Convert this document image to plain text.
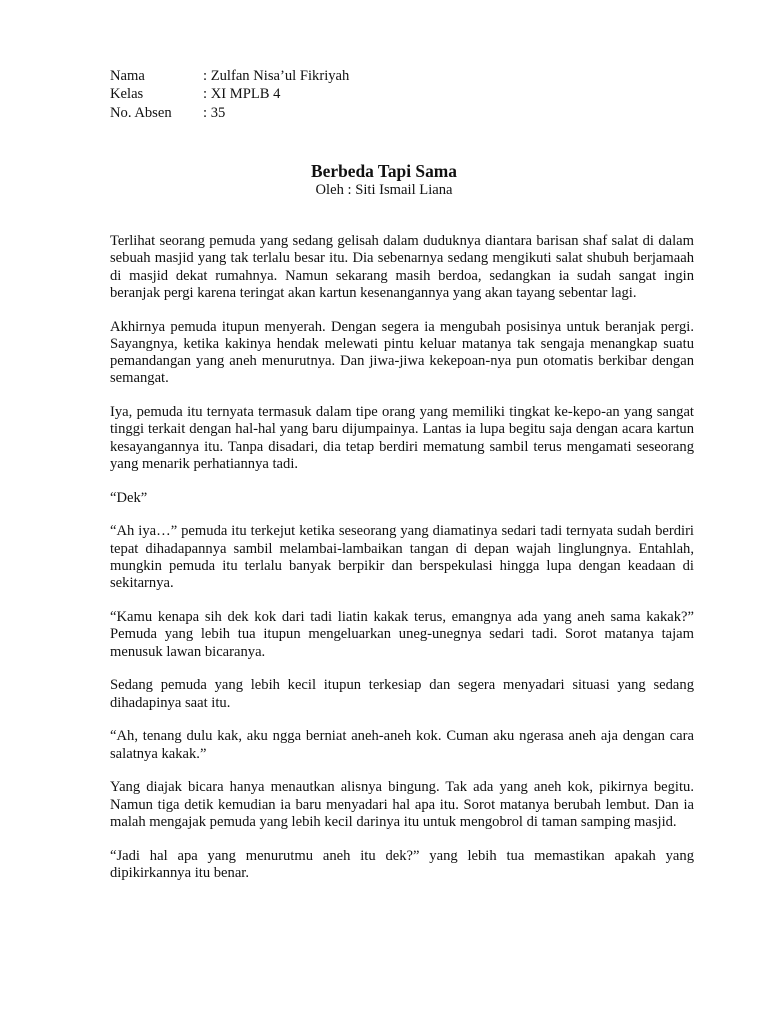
Nama	: Zulfan Nisa’ul Fikriyah
Kelas	: XI MPLB 4
No. Absen	: 35
Berbeda Tapi Sama
Oleh : Siti Ismail Liana

Terlihat seorang pemuda yang sedang gelisah dalam duduknya diantara barisan shaf salat di dalam sebuah masjid yang tak terlalu besar itu. Dia sebenarnya sedang mengikuti salat shubuh berjamaah di masjid dekat rumahnya. Namun sekarang masih berdoa, sedangkan ia sudah sangat ingin beranjak pergi karena teringat akan kartun kesenangannya yang akan tayang sebentar lagi.

Akhirnya pemuda itupun menyerah. Dengan segera ia mengubah posisinya untuk beranjak pergi. Sayangnya, ketika kakinya hendak melewati pintu keluar matanya tak sengaja menangkap suatu pemandangan yang aneh menurutnya. Dan jiwa-jiwa kekepoan-nya pun otomatis berkibar dengan semangat.

Iya, pemuda itu ternyata termasuk dalam tipe orang yang memiliki tingkat ke-kepo-an yang sangat tinggi terkait dengan hal-hal yang baru dijumpainya. Lantas ia lupa begitu saja dengan acara kartun kesayangannya itu. Tanpa disadari, dia tetap berdiri mematung sambil terus mengamati seseorang yang menarik perhatiannya tadi.

“Dek”

“Ah iya…” pemuda itu terkejut ketika seseorang yang diamatinya sedari tadi ternyata sudah berdiri tepat dihadapannya sambil melambai-lambaikan tangan di depan wajah linglungnya. Entahlah, mungkin pemuda itu terlalu banyak berpikir dan berspekulasi hingga lupa dengan keadaan di sekitarnya.

“Kamu kenapa sih dek kok dari tadi liatin kakak terus, emangnya ada yang aneh sama kakak?” Pemuda yang lebih tua itupun mengeluarkan uneg-unegnya sedari tadi. Sorot matanya tajam menusuk lawan bicaranya.

Sedang pemuda yang lebih kecil itupun terkesiap dan segera menyadari situasi yang sedang dihadapinya saat itu.

“Ah, tenang dulu kak, aku ngga berniat aneh-aneh kok. Cuman aku ngerasa aneh aja dengan cara salatnya kakak.”

Yang diajak bicara hanya menautkan alisnya bingung. Tak ada yang aneh kok, pikirnya begitu. Namun tiga detik kemudian ia baru menyadari hal apa itu. Sorot matanya berubah lembut. Dan ia malah mengajak pemuda yang lebih kecil darinya itu untuk mengobrol di taman samping masjid.

“Jadi hal apa yang menurutmu aneh itu dek?” yang lebih tua memastikan apakah yang dipikirkannya itu benar.
